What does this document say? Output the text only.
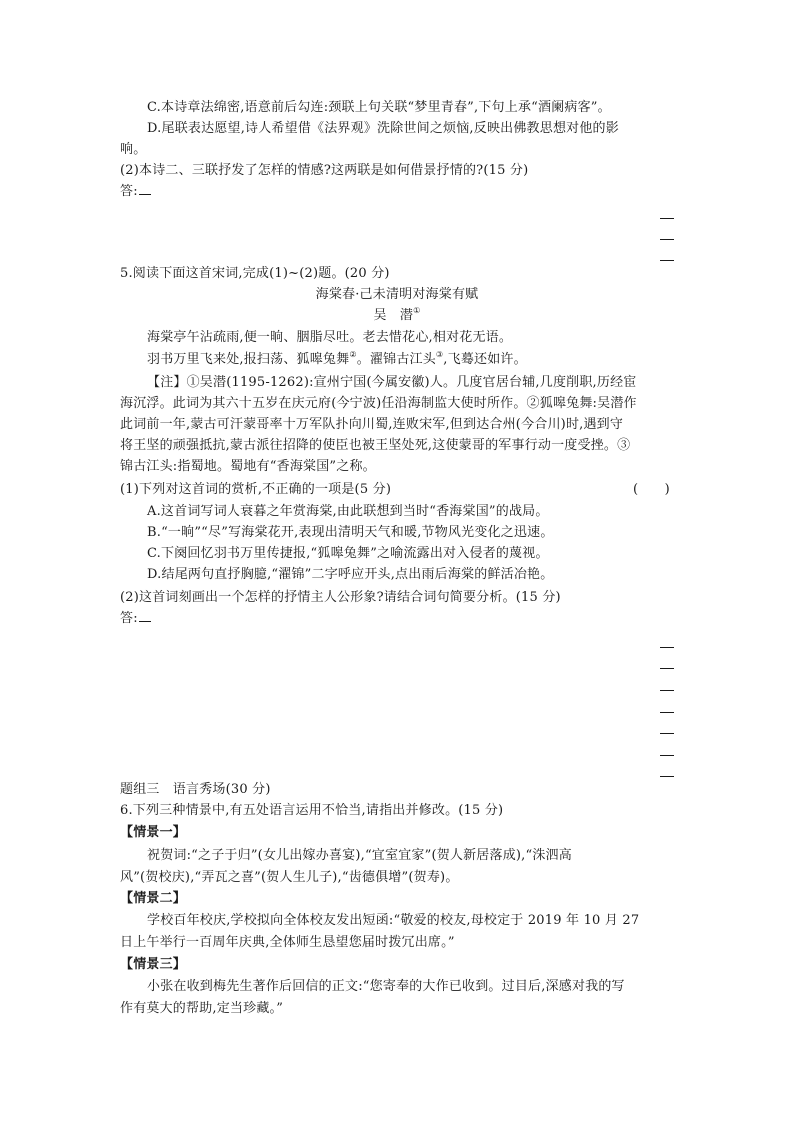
C.本诗章法绵密,语意前后勾连:颈联上句关联“梦里青春”,下句上承“酒阑病客”。
D.尾联表达愿望,诗人希望借《法界观》洗除世间之烦恼,反映出佛教思想对他的影
响。
(2)本诗二、三联抒发了怎样的情感?这两联是如何借景抒情的?(15 分)
答:
5.阅读下面这首宋词,完成(1)~(2)题。(20 分)
海棠春·己未清明对海棠有赋
吴　潜①
海棠亭午沾疏雨,便一晌、胭脂尽吐。老去惜花心,相对花无语。
羽书万里飞来处,报扫荡、狐嗥兔舞②。濯锦古江头③,飞蓦还如许。
【注】①吴潜(1195-1262):宣州宁国(今属安徽)人。几度官居台辅,几度削职,历经宦
海沉浮。此词为其六十五岁在庆元府(今宁波)任沿海制监大使时所作。②狐嗥兔舞:吴潜作
此词前一年,蒙古可汗蒙哥率十万军队扑向川蜀,连败宋军,但到达合州(今合川)时,遇到守
将王坚的顽强抵抗,蒙古派往招降的使臣也被王坚处死,这使蒙哥的军事行动一度受挫。③
锦古江头:指蜀地。蜀地有“香海棠国”之称。
(1)下列对这首词的赏析,不正确的一项是(5 分)	(　　)
A.这首词写词人衰暮之年赏海棠,由此联想到当时“香海棠国”的战局。
B.“一晌”“尽”写海棠花开,表现出清明天气和暖,节物风光变化之迅速。
C.下阕回忆羽书万里传捷报,“狐嗥兔舞”之喻流露出对入侵者的蔑视。
D.结尾两句直抒胸臆,“濯锦”二字呼应开头,点出雨后海棠的鲜活冶艳。
(2)这首词刻画出一个怎样的抒情主人公形象?请结合词句简要分析。(15 分)
答:
题组三　语言秀场(30 分)
6.下列三种情景中,有五处语言运用不恰当,请指出并修改。(15 分)
【情景一】
祝贺词:“之子于归”(女儿出嫁办喜宴),“宜室宜家”(贺人新居落成),“洙泗高
风”(贺校庆),“弄瓦之喜”(贺人生儿子),“齿德俱增”(贺寿)。
【情景二】
学校百年校庆,学校拟向全体校友发出短函:“敬爱的校友,母校定于 2019 年 10 月 27
日上午举行一百周年庆典,全体师生恳望您届时拨冗出席。”
【情景三】
小张在收到梅先生著作后回信的正文:“您寄奉的大作已收到。过目后,深感对我的写
作有莫大的帮助,定当珍藏。”
